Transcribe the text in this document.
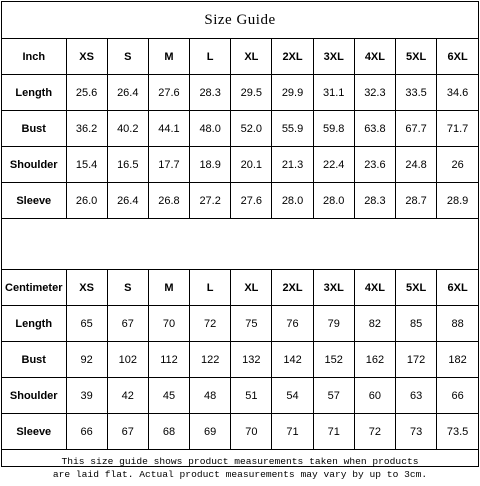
Size Guide
Inch	XS	S	M	L	XL	2XL	3XL	4XL	5XL	6XL
Length	25.6	26.4	27.6	28.3	29.5	29.9	31.1	32.3	33.5	34.6
Bust	36.2	40.2	44.1	48.0	52.0	55.9	59.8	63.8	67.7	71.7
Shoulder	15.4	16.5	17.7	18.9	20.1	21.3	22.4	23.6	24.8	26
Sleeve	26.0	26.4	26.8	27.2	27.6	28.0	28.0	28.3	28.7	28.9
Centimeter	XS	S	M	L	XL	2XL	3XL	4XL	5XL	6XL
Length	65	67	70	72	75	76	79	82	85	88
Bust	92	102	112	122	132	142	152	162	172	182
Shoulder	39	42	45	48	51	54	57	60	63	66
Sleeve	66	67	68	69	70	71	71	72	73	73.5
This size guide shows product measurements taken when products
are laid flat. Actual product measurements may vary by up to 3cm.
